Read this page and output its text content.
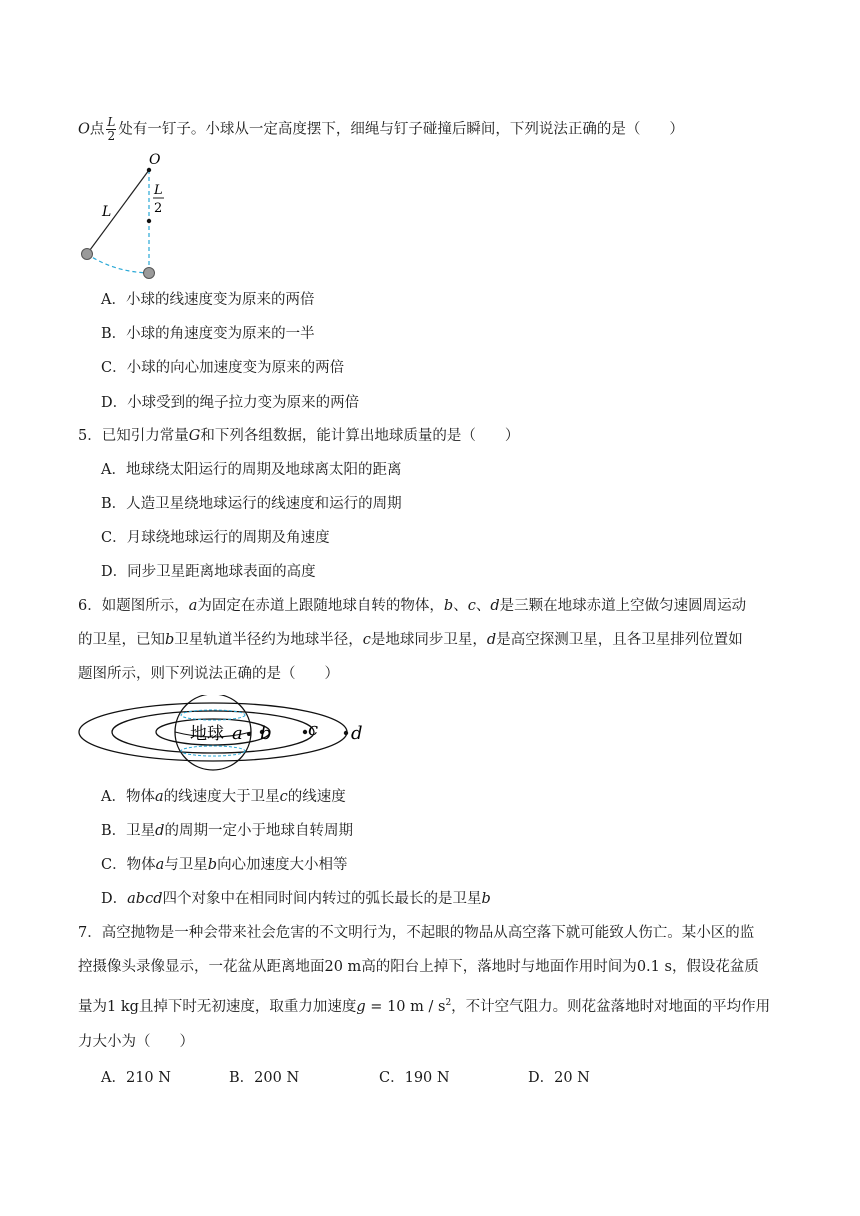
O点 $\frac{L}{2}$ 处有一钉子。小球从一定高度摆下，细绳与钉子碰撞后瞬间，下列说法正确的是（　　）
O
L
L
2
A．小球的线速度变为原来的两倍
B．小球的角速度变为原来的一半
C．小球的向心加速度变为原来的两倍
D．小球受到的绳子拉力变为原来的两倍
5．已知引力常量G和下列各组数据，能计算出地球质量的是（　　）
A．地球绕太阳运行的周期及地球离太阳的距离
B．人造卫星绕地球运行的线速度和运行的周期
C．月球绕地球运行的周期及角速度
D．同步卫星距离地球表面的高度
6．如题图所示，a为固定在赤道上跟随地球自转的物体，b、c、d是三颗在地球赤道上空做匀速圆周运动
的卫星，已知b卫星轨道半径约为地球半径，c是地球同步卫星，d是高空探测卫星，且各卫星排列位置如
题图所示，则下列说法正确的是（　　）
地球 a b c d
A．物体a的线速度大于卫星c的线速度
B．卫星d的周期一定小于地球自转周期
C．物体a与卫星b向心加速度大小相等
D．abcd四个对象中在相同时间内转过的弧长最长的是卫星b
7．高空抛物是一种会带来社会危害的不文明行为，不起眼的物品从高空落下就可能致人伤亡。某小区的监
控摄像头录像显示，一花盆从距离地面20 m高的阳台上掉下，落地时与地面作用时间为0.1 s，假设花盆质
量为1 kg且掉下时无初速度，取重力加速度g = 10 m / $s^2$，不计空气阻力。则花盆落地时对地面的平均作用
力大小为（　　）
A．210 N	B．200 N	C．190 N	D．20 N
